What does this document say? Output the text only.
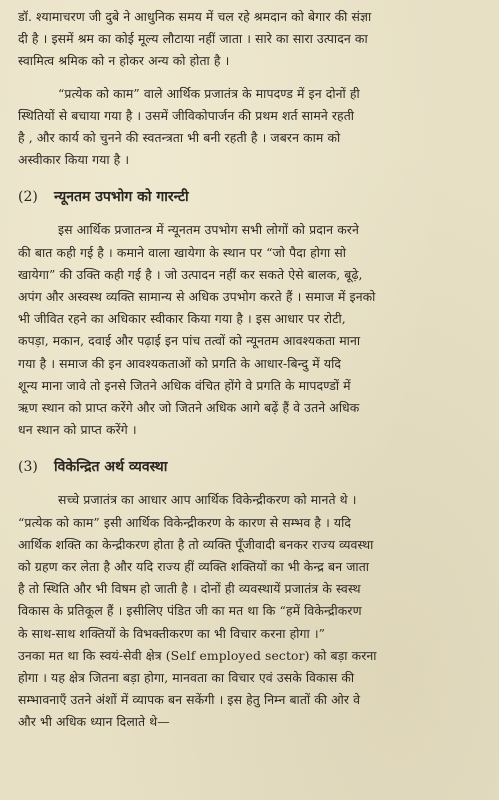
डॉ. श्यामाचरण जी दुबे ने आधुनिक समय में चल रहे श्रमदान को बेगार की संज्ञा
दी है । इसमें श्रम का कोई मूल्य लौटाया नहीं जाता । सारे का सारा उत्पादन का
स्वामित्व श्रमिक को न होकर अन्य को होता है ।
“प्रत्येक को काम” वाले आर्थिक प्रजातंत्र के मापदण्ड में इन दोनों ही
स्थितियों से बचाया गया है । उसमें जीविकोपार्जन की प्रथम शर्त सामने रहती
है , और कार्य को चुनने की स्वतन्त्रता भी बनी रहती है । जबरन काम को
अस्वीकार किया गया है ।
(2)	न्यूनतम उपभोग को गारन्टी
इस आर्थिक प्रजातन्त्र में न्यूनतम उपभोग सभी लोगों को प्रदान करने
की बात कही गई है । कमाने वाला खायेगा के स्थान पर “जो पैदा होगा सो
खायेगा” की उक्ति कही गई है । जो उत्पादन नहीं कर सकते ऐसे बालक, बूढ़े,
अपंग और अस्वस्थ व्यक्ति सामान्य से अधिक उपभोग करते हैं । समाज में इनको
भी जीवित रहने का अधिकार स्वीकार किया गया है । इस आधार पर रोटी,
कपड़ा, मकान, दवाई और पढ़ाई इन पांच तत्वों को न्यूनतम आवश्यकता माना
गया है । समाज की इन आवश्यकताओं को प्रगति के आधार-बिन्दु में यदि
शून्य माना जावे तो इनसे जितने अधिक वंचित होंगे वे प्रगति के मापदण्डों में
ऋण स्थान को प्राप्त करेंगे और जो जितने अधिक आगे बढ़ें हैं वे उतने अधिक
धन स्थान को प्राप्त करेंगे ।
(3)	विकेन्द्रित अर्थ व्यवस्था
सच्चे प्रजातंत्र का आधार आप आर्थिक विकेन्द्रीकरण को मानते थे ।
“प्रत्येक को काम” इसी आर्थिक विकेन्द्रीकरण के कारण से सम्भव है । यदि
आर्थिक शक्ति का केन्द्रीकरण होता है तो व्यक्ति पूँजीवादी बनकर राज्य व्यवस्था
को ग्रहण कर लेता है और यदि राज्य हीं व्यक्ति शक्तियों का भी केन्द्र बन जाता
है तो स्थिति और भी विषम हो जाती है । दोनों ही व्यवस्थायें प्रजातंत्र के स्वस्थ
विकास के प्रतिकूल हैं । इसीलिए पंडित जी का मत था कि “हमें विकेन्द्रीकरण
के साथ-साथ शक्तियों के विभक्तीकरण का भी विचार करना होगा ।”
उनका मत था कि स्वयं-सेवी क्षेत्र (Self employed sector) को बड़ा करना
होगा । यह क्षेत्र जितना बड़ा होगा, मानवता का विचार एवं उसके विकास की
सम्भावनाएँ उतने अंशों में व्यापक बन सकेंगी । इस हेतु निम्न बातों की ओर वे
और भी अधिक ध्यान दिलाते थे—
